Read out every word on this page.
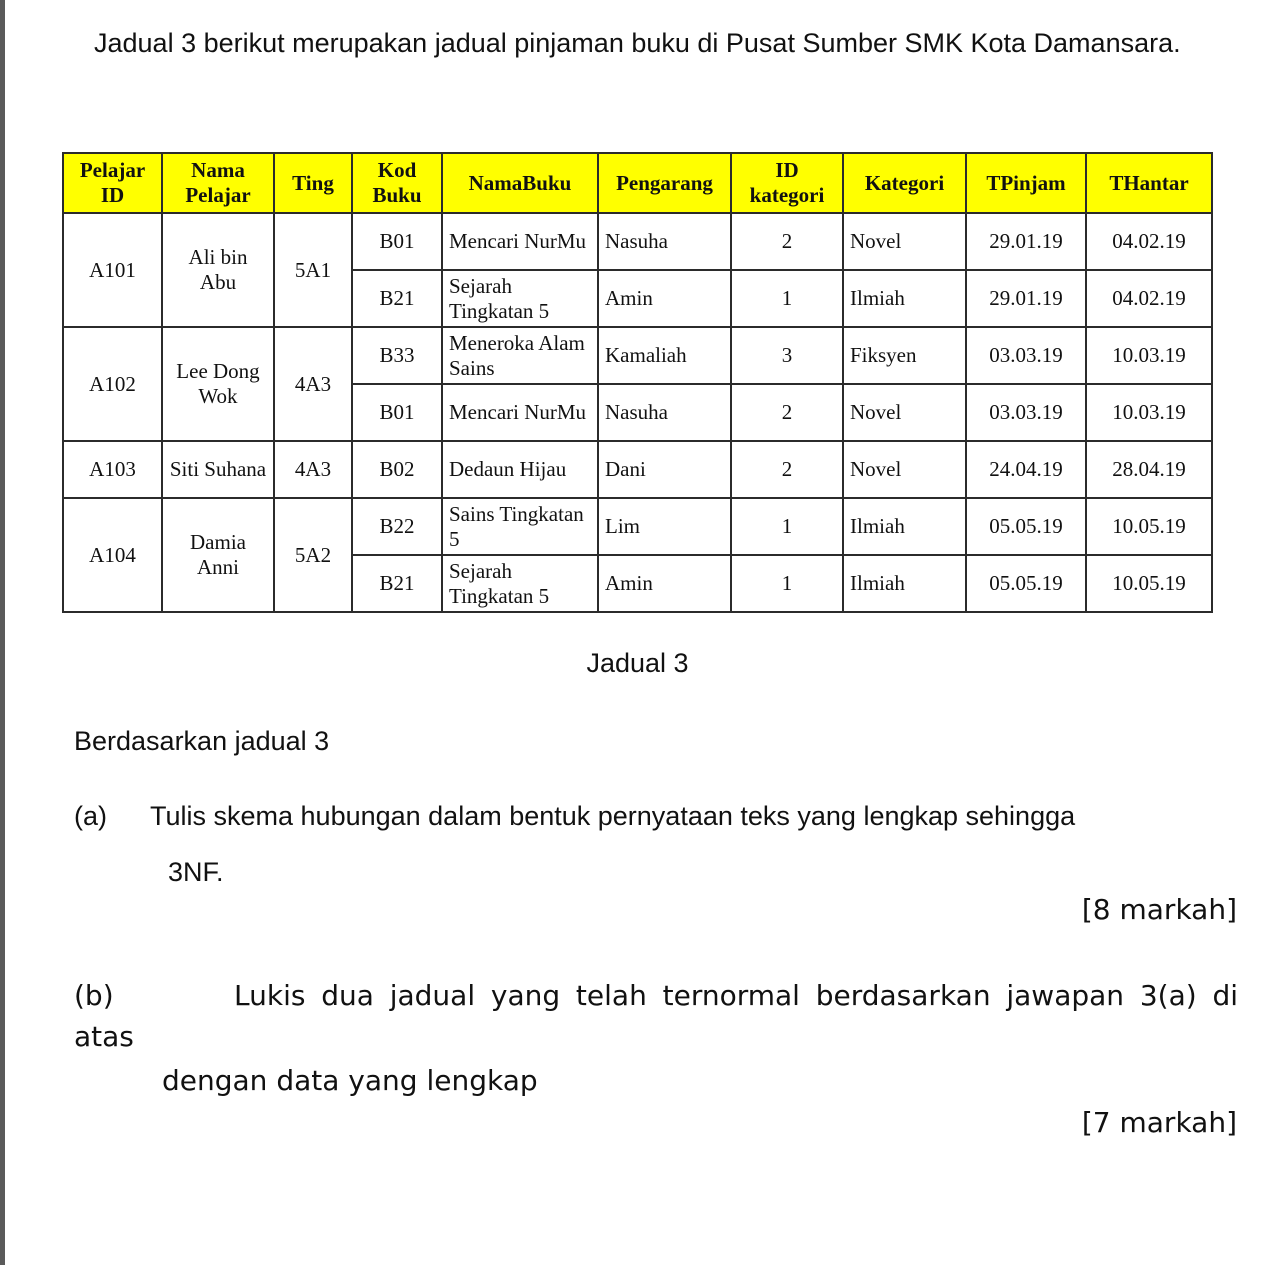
Jadual 3 berikut merupakan jadual pinjaman buku di Pusat Sumber SMK Kota Damansara.
Pelajar ID	Nama Pelajar	Ting	Kod Buku	NamaBuku	Pengarang	ID kategori	Kategori	TPinjam	THantar
A101	Ali bin Abu	5A1	B01	Mencari NurMu	Nasuha	2	Novel	29.01.19	04.02.19
			B21	Sejarah Tingkatan 5	Amin	1	Ilmiah	29.01.19	04.02.19
A102	Lee Dong Wok	4A3	B33	Meneroka Alam Sains	Kamaliah	3	Fiksyen	03.03.19	10.03.19
			B01	Mencari NurMu	Nasuha	2	Novel	03.03.19	10.03.19
A103	Siti Suhana	4A3	B02	Dedaun Hijau	Dani	2	Novel	24.04.19	28.04.19
A104	Damia Anni	5A2	B22	Sains Tingkatan 5	Lim	1	Ilmiah	05.05.19	10.05.19
			B21	Sejarah Tingkatan 5	Amin	1	Ilmiah	05.05.19	10.05.19
Jadual 3
Berdasarkan jadual 3
(a) Tulis skema hubungan dalam bentuk pernyataan teks yang lengkap sehingga
3NF.
[8 markah]
(b)	Lukis dua jadual yang telah ternormal berdasarkan jawapan 3(a) di
atas
dengan data yang lengkap
[7 markah]
